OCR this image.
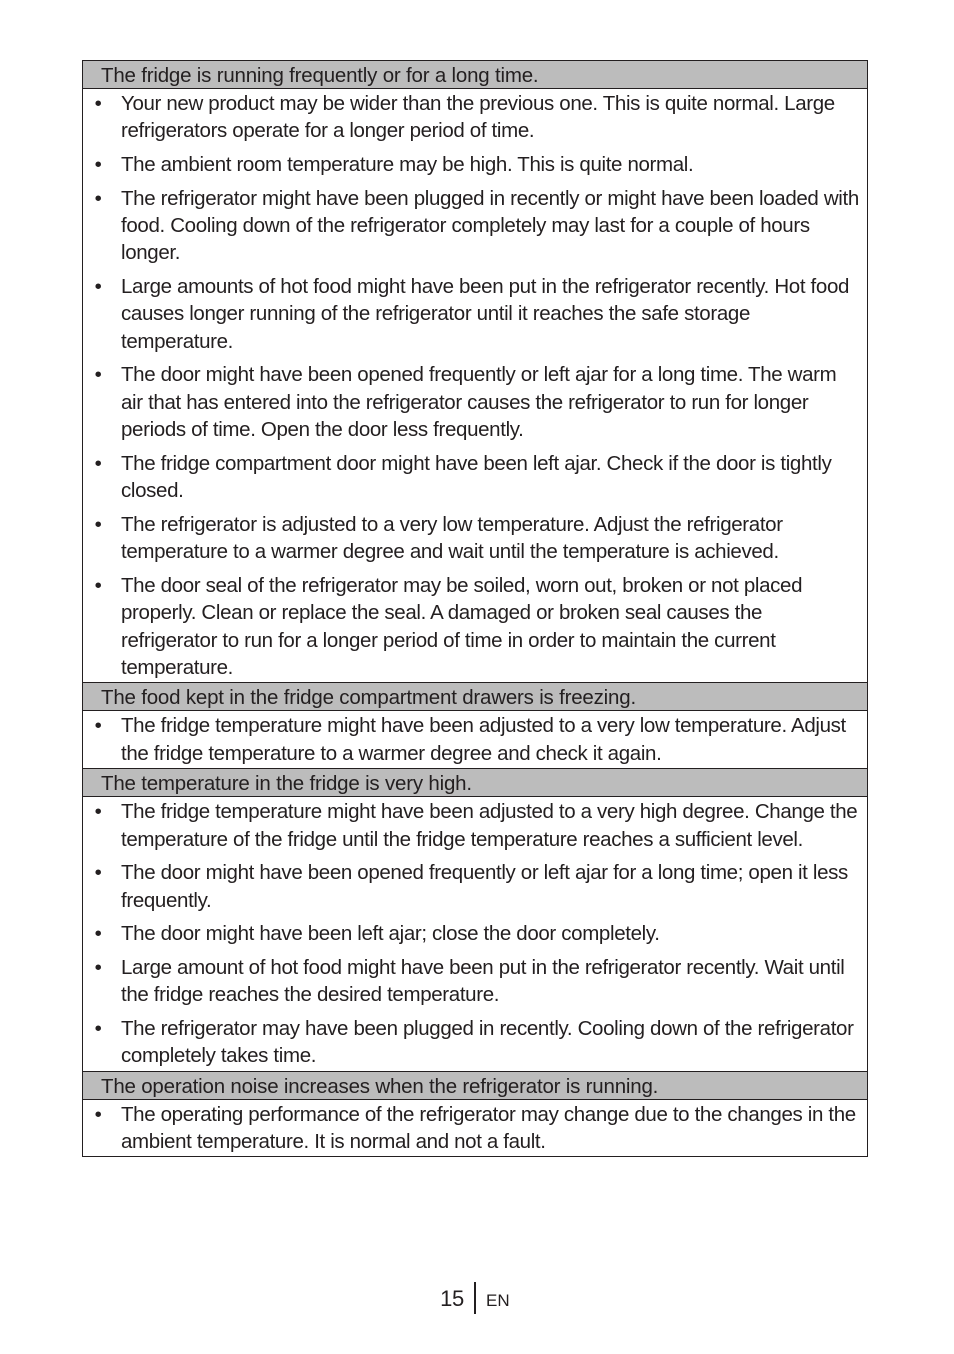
The fridge is running frequently or for a long time.
• Your new product may be wider than the previous one. This is quite normal. Large refrigerators operate for a longer period of time.
• The ambient room temperature may be high. This is quite normal.
• The refrigerator might have been plugged in recently or might have been loaded with food. Cooling down of the refrigerator completely may last for a couple of hours longer.
• Large amounts of hot food might have been put in the refrigerator recently. Hot food causes longer running of the refrigerator until it reaches the safe storage temperature.
• The door might have been opened frequently or left ajar for a long time. The warm air that has entered into the refrigerator causes the refrigerator to run for longer periods of time. Open the door less frequently.
• The fridge compartment door might have been left ajar. Check if the door is tightly closed.
• The refrigerator is adjusted to a very low temperature. Adjust the refrigerator temperature to a warmer degree and wait until the temperature is achieved.
• The door seal of the refrigerator may be soiled, worn out, broken or not placed properly. Clean or replace the seal. A damaged or broken seal causes the refrigerator to run for a longer period of time in order to maintain the current temperature.
The food kept in the fridge compartment drawers is freezing.
• The fridge temperature might have been adjusted to a very low temperature. Adjust the fridge temperature to a warmer degree and check it again.
The temperature in the fridge is very high.
• The fridge temperature might have been adjusted to a very high degree. Change the temperature of the fridge until the fridge temperature reaches a sufficient level.
• The door might have been opened frequently or left ajar for a long time; open it less frequently.
• The door might have been left ajar; close the door completely.
• Large amount of hot food might have been put in the refrigerator recently. Wait until the fridge reaches the desired temperature.
• The refrigerator may have been plugged in recently. Cooling down of the refrigerator completely takes time.
The operation noise increases when the refrigerator is running.
• The operating performance of the refrigerator may change due to the changes in the ambient temperature. It is normal and not a fault.
15 EN
